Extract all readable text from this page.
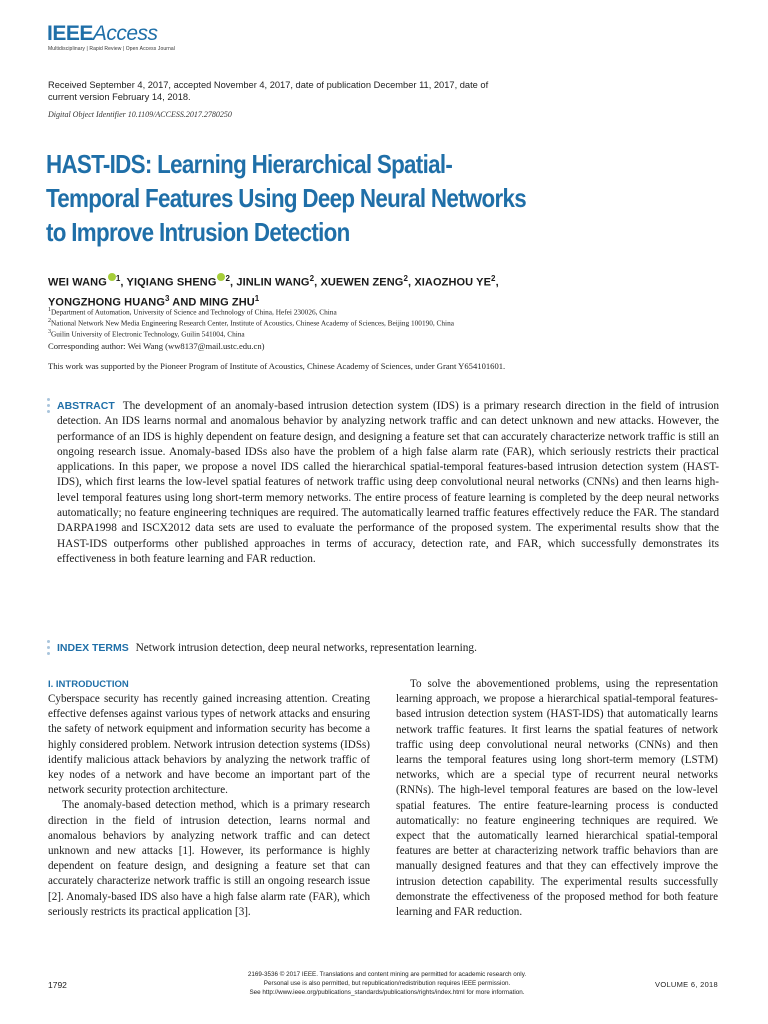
IEEEAccess
Multidisciplinary | Rapid Review | Open Access Journal
Received September 4, 2017, accepted November 4, 2017, date of publication December 11, 2017, date of current version February 14, 2018.
Digital Object Identifier 10.1109/ACCESS.2017.2780250
HAST-IDS: Learning Hierarchical Spatial-Temporal Features Using Deep Neural Networks to Improve Intrusion Detection
WEI WANG $^1$, YIQIANG SHENG $^2$, JINLIN WANG$^2$, XUEWEN ZENG$^2$, XIAOZHOU YE$^2$,
YONGZHONG HUANG$^3$ AND MING ZHU$^1$
$^1$Department of Automation, University of Science and Technology of China, Hefei 230026, China
$^2$National Network New Media Engineering Research Center, Institute of Acoustics, Chinese Academy of Sciences, Beijing 100190, China
$^3$Guilin University of Electronic Technology, Guilin 541004, China
Corresponding author: Wei Wang (ww8137@mail.ustc.edu.cn)
This work was supported by the Pioneer Program of Institute of Acoustics, Chinese Academy of Sciences, under Grant Y654101601.
ABSTRACT The development of an anomaly-based intrusion detection system (IDS) is a primary research direction in the field of intrusion detection. An IDS learns normal and anomalous behavior by analyzing network traffic and can detect unknown and new attacks. However, the performance of an IDS is highly dependent on feature design, and designing a feature set that can accurately characterize network traffic is still an ongoing research issue. Anomaly-based IDSs also have the problem of a high false alarm rate (FAR), which seriously restricts their practical applications. In this paper, we propose a novel IDS called the hierarchical spatial-temporal features-based intrusion detection system (HAST-IDS), which first learns the low-level spatial features of network traffic using deep convolutional neural networks (CNNs) and then learns high-level temporal features using long short-term memory networks. The entire process of feature learning is completed by the deep neural networks automatically; no feature engineering techniques are required. The automatically learned traffic features effectively reduce the FAR. The standard DARPA1998 and ISCX2012 data sets are used to evaluate the performance of the proposed system. The experimental results show that the HAST-IDS outperforms other published approaches in terms of accuracy, detection rate, and FAR, which successfully demonstrates its effectiveness in both feature learning and FAR reduction.
INDEX TERMS Network intrusion detection, deep neural networks, representation learning.
I. INTRODUCTION

Cyberspace security has recently gained increasing attention. Creating effective defenses against various types of network attacks and ensuring the safety of network equipment and information security has become a highly considered problem. Network intrusion detection systems (IDSs) identify malicious attack behaviors by analyzing the network traffic of key nodes of a network and have become an important part of the network security protection architecture.

The anomaly-based detection method, which is a primary research direction in the field of intrusion detection, learns normal and anomalous behaviors by analyzing network traffic and can detect unknown and new attacks [1]. However, its performance is highly dependent on feature design, and designing a feature set that can accurately characterize network traffic is still an ongoing research issue [2]. Anomaly-based IDS also have a high false alarm rate (FAR), which seriously restricts its practical application [3].

To solve the abovementioned problems, using the representation learning approach, we propose a hierarchical spatial-temporal features-based intrusion detection system (HAST-IDS) that automatically learns network traffic features. It first learns the spatial features of network traffic using deep convolutional neural networks (CNNs) and then learns the temporal features using long short-term memory (LSTM) networks, which are a special type of recurrent neural networks (RNNs). The high-level temporal features are based on the low-level spatial features. The entire feature-learning process is conducted automatically: no feature engineering techniques are required. We expect that the automatically learned hierarchical spatial-temporal features are better at characterizing network traffic behaviors than are manually designed features and that they can effectively improve the intrusion detection capability. The experimental results successfully demonstrate the effectiveness of the proposed method for both feature learning and FAR reduction.

1792
2169-3536 © 2017 IEEE. Translations and content mining are permitted for academic research only.
Personal use is also permitted, but republication/redistribution requires IEEE permission.
See http://www.ieee.org/publications_standards/publications/rights/index.html for more information.
VOLUME 6, 2018
